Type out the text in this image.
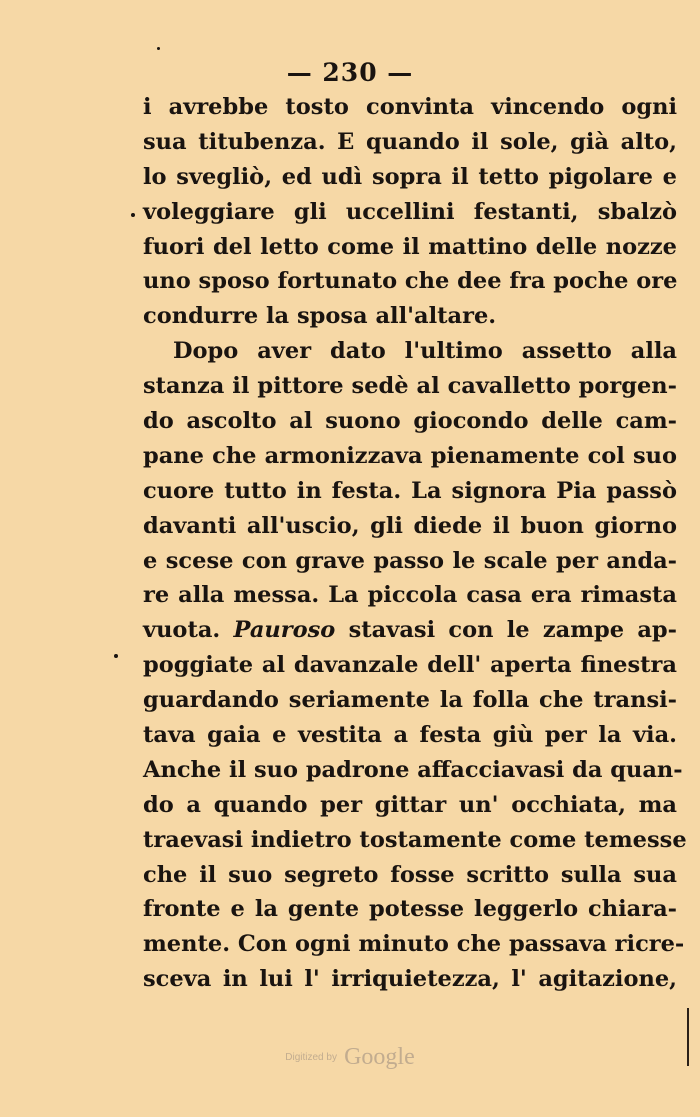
— 230 —
i avrebbe tosto convinta vincendo ogni
sua titubenza. E quando il sole, già alto,
lo svegliò, ed udì sopra il tetto pigolare e
voleggiare gli uccellini festanti, sbalzò
fuori del letto come il mattino delle nozze
uno sposo fortunato che dee fra poche ore
condurre la sposa all'altare.
Dopo aver dato l'ultimo assetto alla
stanza il pittore sedè al cavalletto porgen-
do ascolto al suono giocondo delle cam-
pane che armonizzava pienamente col suo
cuore tutto in festa. La signora Pia passò
davanti all'uscio, gli diede il buon giorno
e scese con grave passo le scale per anda-
re alla messa. La piccola casa era rimasta
vuota. Pauroso stavasi con le zampe ap-
poggiate al davanzale dell' aperta finestra
guardando seriamente la folla che transi-
tava gaia e vestita a festa giù per la via.
Anche il suo padrone affacciavasi da quan-
do a quando per gittar un' occhiata, ma
traevasi indietro tostamente come temesse
che il suo segreto fosse scritto sulla sua
fronte e la gente potesse leggerlo chiara-
mente. Con ogni minuto che passava ricre-
sceva in lui l' irriquietezza, l' agitazione,
Digitized by Google
